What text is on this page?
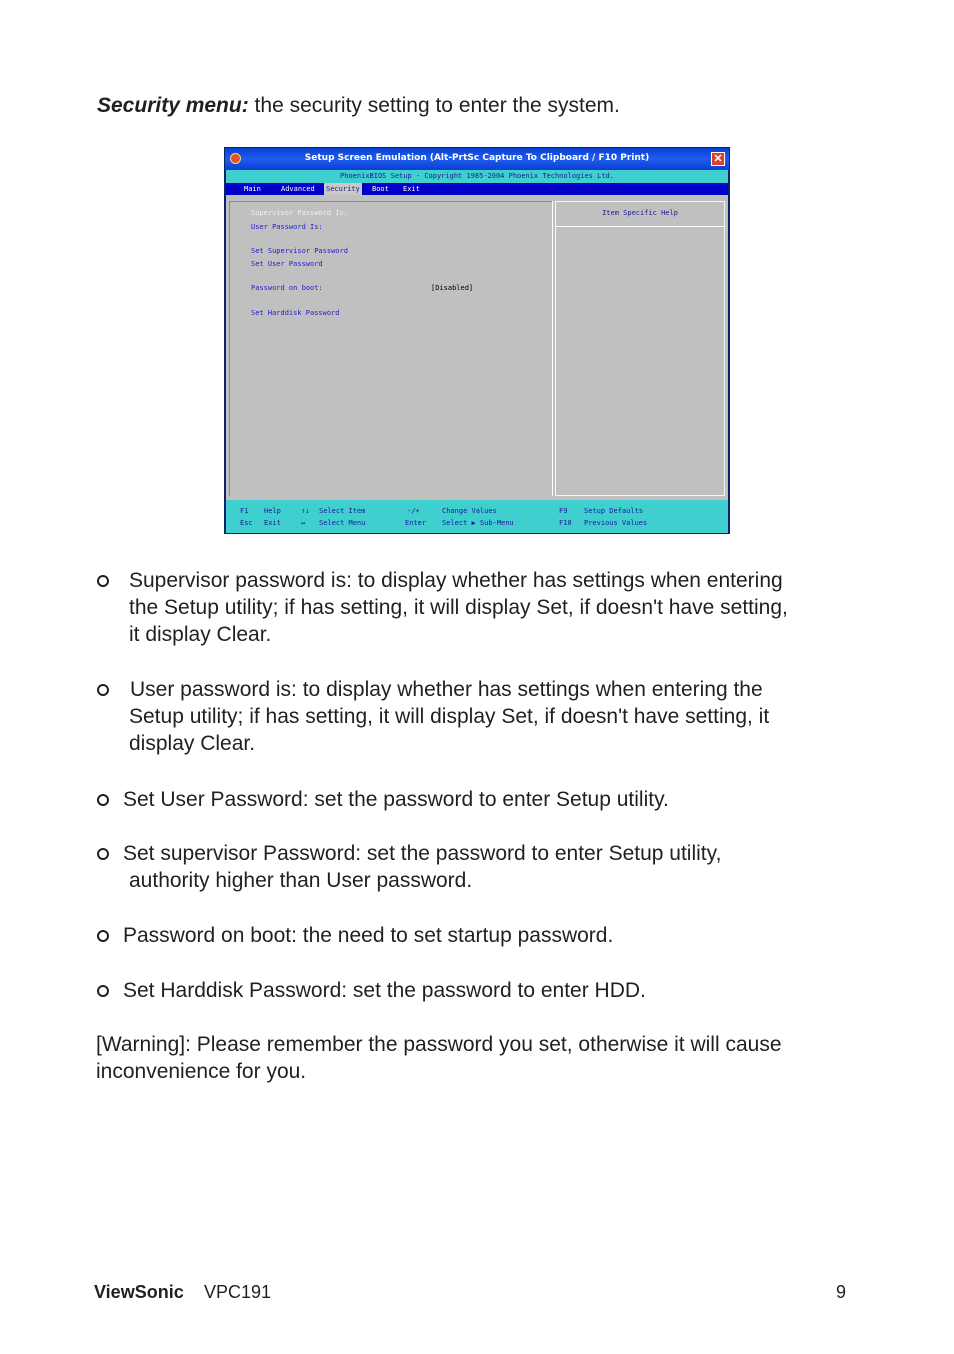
Security menu: the security setting to enter the system.
Setup Screen Emulation (Alt-PrtSc Capture To Clipboard / F10 Print)	✕
PhoenixBIOS Setup - Copyright 1985-2004 Phoenix Technologies Ltd.
Main	Advanced Security Boot Exit
Supervisor Password Is:
User Password Is:
Set Supervisor Password
Set User Password
Password on boot:	[Disabled]
Set Harddisk Password
Item Specific Help
F1 Help	↑↓ Select Item	-/+	Change Values	F9 Setup Defaults
Esc Exit	↔ Select Menu	Enter Select ▶ Sub-Menu	F10 Previous Values
Supervisor password is: to display whether has settings when entering
the Setup utility; if has setting, it will display Set, if doesn't have setting,
it display Clear.
User password is: to display whether has settings when entering the
Setup utility; if has setting, it will display Set, if doesn't have setting, it
display Clear.
Set User Password: set the password to enter Setup utility.
Set supervisor Password: set the password to enter Setup utility,
authority higher than User password.
Password on boot: the need to set startup password.
Set Harddisk Password: set the password to enter HDD.
[Warning]: Please remember the password you set, otherwise it will cause
inconvenience for you.
ViewSonic VPC191	9
